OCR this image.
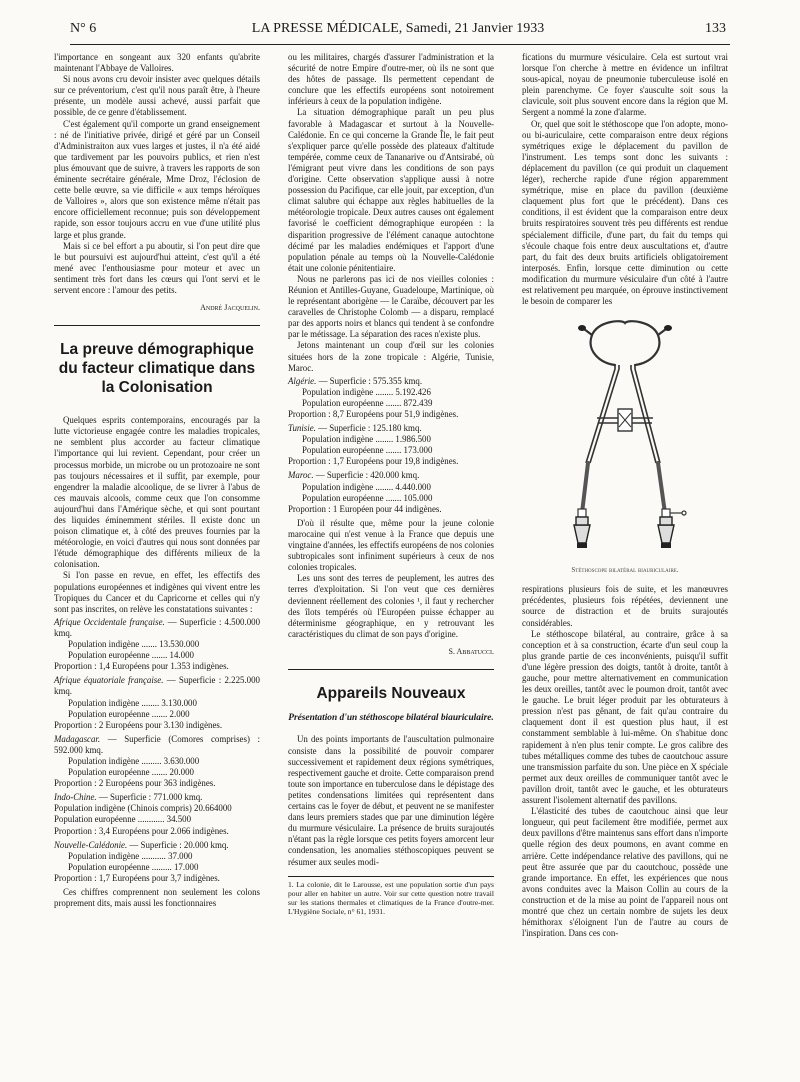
N° 6	LA PRESSE MÉDICALE, Samedi, 21 Janvier 1933	133

l'importance en songeant aux 320 enfants qu'abrite maintenant l'Abbaye de Valloires.

Si nous avons cru devoir insister avec quelques détails sur ce préventorium, c'est qu'il nous paraît être, à l'heure présente, un modèle aussi achevé, aussi parfait que possible, de ce genre d'établissement.

C'est également qu'il comporte un grand enseignement : né de l'initiative privée, dirigé et géré par un Conseil d'Administraiton aux vues larges et justes, il n'a été aidé que tardivement par les pouvoirs publics, et rien n'est plus émouvant que de suivre, à travers les rapports de son éminente secrétaire générale, Mme Droz, l'éclosion de cette belle œuvre, sa vie difficile « aux temps héroïques de Valloires », alors que son existence même n'était pas encore officiellement reconnue; puis son développement rapide, son essor toujours accru en vue d'une utilité plus large et plus grande.

Mais si ce bel effort a pu aboutir, si l'on peut dire que le but poursuivi est aujourd'hui atteint, c'est qu'il a été mené avec l'enthousiasme pour moteur et avec un sentiment très fort dans les cœurs qui l'ont servi et le servent encore : l'amour des petits.

André Jacquelin.
La preuve démographique du facteur climatique dans la Colonisation

Quelques esprits contemporains, encouragés par la lutte victorieuse engagée contre les maladies tropicales, ne semblent plus accorder au facteur climatique l'importance qui lui revient. Cependant, pour créer un processus morbide, un microbe ou un protozoaire ne sont pas toujours nécessaires et il suffit, par exemple, pour engendrer la maladie alcoolique, de se livrer à l'abus de ces mauvais alcools, comme ceux que l'on consomme aujourd'hui dans l'Amérique sèche, et qui sont pourtant des liquides éminemment stériles. Il existe donc un poison climatique et, à côté des preuves fournies par la météorologie, en voici d'autres qui nous sont données par l'étude démographique des différents milieux de la colonisation.

Si l'on passe en revue, en effet, les effectifs des populations européennes et indigènes qui vivent entre les Tropiques du Cancer et du Capricorne et celles qui n'y sont pas inscrites, on relève les constatations suivantes :

Afrique Occidentale française. — Superficie : 4.500.000 kmq.
Population indigène ....... 13.530.000
Population européenne ....... 14.000
Proportion : 1,4 Européens pour 1.353 indigènes.
Afrique équatoriale française. — Superficie : 2.225.000 kmq.
Population indigène ........ 3.130.000
Population européenne ....... 2.000
Proportion : 2 Européens pour 3.130 indigènes.
Madagascar. — Superficie (Comores comprises) : 592.000 kmq.
Population indigène ......... 3.630.000
Population européenne ....... 20.000
Proportion : 2 Européens pour 363 indigènes.
Indo-Chine. — Superficie : 771.000 kmq.
Population indigène (Chinois compris) 20.664000
Population européenne ............ 34.500
Proportion : 3,4 Européens pour 2.066 indigènes.
Nouvelle-Calédonie. — Superficie : 20.000 kmq.
Population indigène ........... 37.000
Population européenne ......... 17.000
Proportion : 1,7 Européens pour 3,7 indigènes.

Ces chiffres comprennent non seulement les colons proprement dits, mais aussi les fonctionnaires

ou les militaires, chargés d'assurer l'administration et la sécurité de notre Empire d'outre-mer, où ils ne sont que des hôtes de passage. Ils permettent cependant de conclure que les effectifs européens sont notoirement inférieurs à ceux de la population indigène.

La situation démographique paraît un peu plus favorable à Madagascar et surtout à la Nouvelle-Calédonie. En ce qui concerne la Grande Île, le fait peut s'expliquer parce qu'elle possède des plateaux d'altitude tempérée, comme ceux de Tananarive ou d'Antsirabé, où l'émigrant peut vivre dans les conditions de son pays d'origine. Cette observation s'applique aussi à notre possession du Pacifique, car elle jouit, par exception, d'un climat salubre qui échappe aux règles habituelles de la météorologie tropicale. Deux autres causes ont également favorisé le coefficient démographique européen : la disparition progressive de l'élément canaque autochtone décimé par les maladies endémiques et l'apport d'une population pénale au temps où la Nouvelle-Calédonie était une colonie pénitentiaire.

Nous ne parlerons pas ici de nos vieilles colonies : Réunion et Antilles-Guyane, Guadeloupe, Martinique, où le représentant aborigène — le Caraïbe, découvert par les caravelles de Christophe Colomb — a disparu, remplacé par des apports noirs et blancs qui tendent à se confondre par le métissage. La séparation des races n'existe plus.

Jetons maintenant un coup d'œil sur les colonies situées hors de la zone tropicale : Algérie, Tunisie, Maroc.

Algérie. — Superficie : 575.355 kmq.
Population indigène ........ 5.192.426
Population européenne ....... 872.439
Proportion : 8,7 Européens pour 51,9 indigènes.
Tunisie. — Superficie : 125.180 kmq.
Population indigène ........ 1.986.500
Population européenne ....... 173.000
Proportion : 1,7 Européens pour 19,8 indigènes.
Maroc. — Superficie : 420.000 kmq.
Population indigène ........ 4.440.000
Population européenne ....... 105.000
Proportion : 1 Européen pour 44 indigènes.

D'où il résulte que, même pour la jeune colonie marocaine qui n'est venue à la France que depuis une vingtaine d'années, les effectifs européens de nos colonies subtropicales sont infiniment supérieurs à ceux de nos colonies tropicales.

Les uns sont des terres de peuplement, les autres des terres d'exploitation. Si l'on veut que ces dernières deviennent réellement des colonies ¹, il faut y rechercher des îlots tempérés où l'Européen puisse échapper au déterminisme géographique, en y retrouvant les caractéristiques du climat de son pays d'origine.

S. Abbatucci.
Appareils Nouveaux
Présentation d'un stéthoscope bilatéral biauriculaire.

Un des points importants de l'auscultation pulmonaire consiste dans la possibilité de pouvoir comparer successivement et rapidement deux régions symétriques, respectivement gauche et droite. Cette comparaison prend toute son importance en tuberculose dans le dépistage des petites condensations limitées qui représentent dans certains cas le foyer de début, et peuvent ne se manifester dans leurs premiers stades que par une diminution légère du murmure vésiculaire. La présence de bruits surajoutés n'étant pas la règle lorsque ces petits foyers amorcent leur condensation, les anomalies stéthoscopiques peuvent se résumer aux seules modi-

1. La colonie, dit le Larousse, est une population sortie d'un pays pour aller en habiter un autre. Voir sur cette question notre travail sur les stations thermales et climatiques de la France d'outre-mer. L'Hygiène Sociale, n° 61, 1931.

fications du murmure vésiculaire. Cela est surtout vrai lorsque l'on cherche à mettre en évidence un infiltrat sous-apical, noyau de pneumonie tuberculeuse isolé en plein parenchyme. Ce foyer s'ausculte soit sous la clavicule, soit plus souvent encore dans la région que M. Sergent a nommé la zone d'alarme.

Or, quel que soit le stéthoscope que l'on adopte, mono- ou bi-auriculaire, cette comparaison entre deux régions symétriques exige le déplacement du pavillon de l'instrument. Les temps sont donc les suivants : déplacement du pavillon (ce qui produit un claquement léger), recherche rapide d'une région apparemment symétrique, mise en place du pavillon (deuxième claquement plus fort que le précédent). Dans ces conditions, il est évident que la comparaison entre deux bruits respiratoires souvent très peu différents est rendue spécialement difficile, d'une part, du fait du temps qui s'écoule chaque fois entre deux auscultations et, d'autre part, du fait des deux bruits artificiels obligatoirement interposés. Enfin, lorsque cette diminution ou cette modification du murmure vésiculaire d'un côté à l'autre est relativement peu marquée, on éprouve instinctivement le besoin de comparer les

Stéthoscope bilatéral biauriculaire.

respirations plusieurs fois de suite, et les manœuvres précédentes, plusieurs fois répétées, deviennent une source de distraction et de bruits surajoutés considérables.

Le stéthoscope bilatéral, au contraire, grâce à sa conception et à sa construction, écarte d'un seul coup la plus grande partie de ces inconvénients, puisqu'il suffit d'une légère pression des doigts, tantôt à droite, tantôt à gauche, pour mettre alternativement en communication les deux oreilles, tantôt avec le poumon droit, tantôt avec le gauche. Le bruit léger produit par les obturateurs à pression n'est pas gênant, de fait qu'au contraire du claquement dont il est question plus haut, il est constamment semblable à lui-même. On s'habitue donc rapidement à n'en plus tenir compte. Le gros calibre des tubes métalliques comme des tubes de caoutchouc assure une transmission parfaite du son. Une pièce en X spéciale permet aux deux oreilles de communiquer tantôt avec le pavillon droit, tantôt avec le gauche, et les obturateurs assurent l'isolement alternatif des pavillons.

L'élasticité des tubes de caoutchouc ainsi que leur longueur, qui peut facilement être modifiée, permet aux deux pavillons d'être maintenus sans effort dans n'importe quelle région des deux poumons, en avant comme en arrière. Cette indépendance relative des pavillons, qui ne peut être assurée que par du caoutchouc, possède une grande importance. En effet, les expériences que nous avons conduites avec la Maison Collin au cours de la construction et de la mise au point de l'appareil nous ont montré que chez un certain nombre de sujets les deux hémithorax s'éloignent l'un de l'autre au cours de l'inspiration. Dans ces con-
